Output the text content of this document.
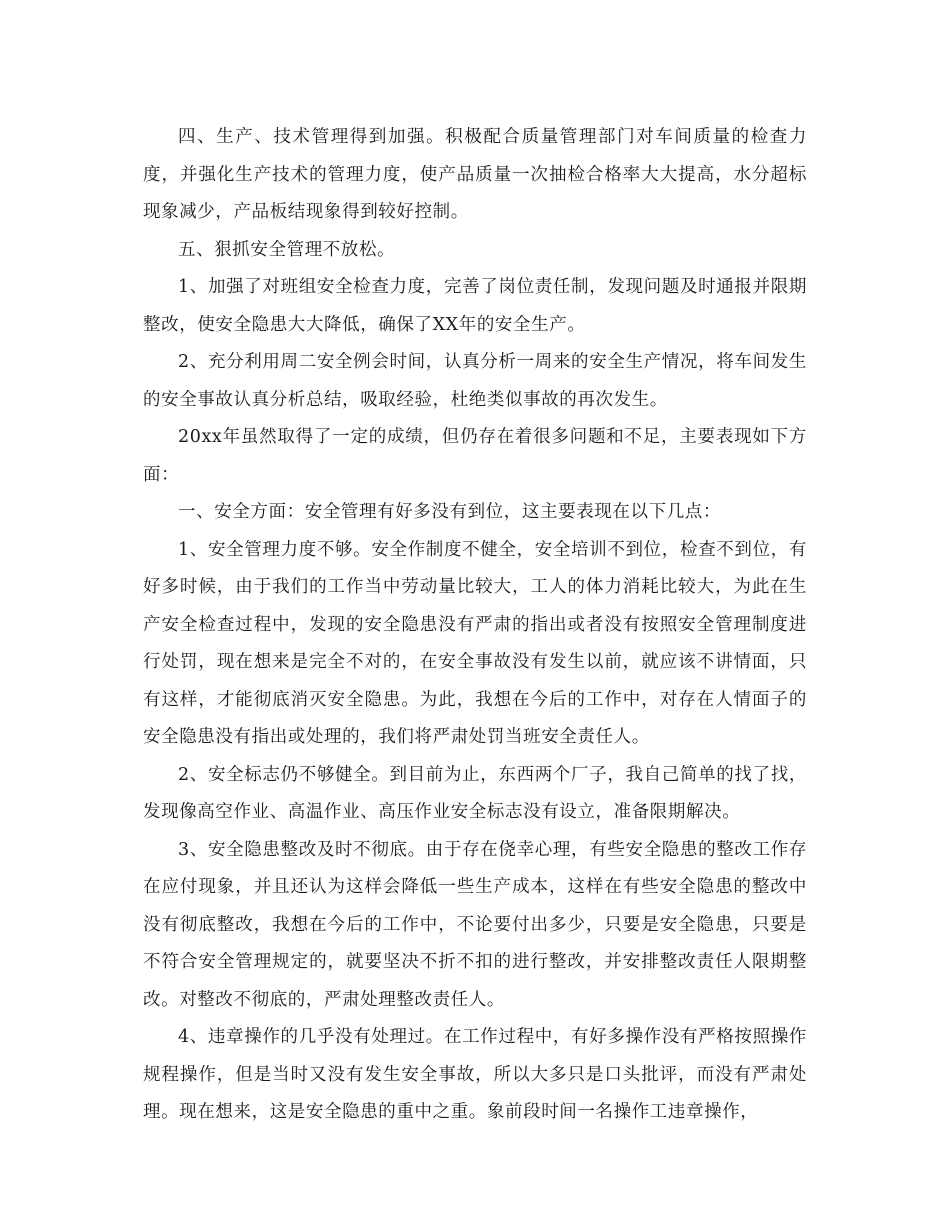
四、生产、技术管理得到加强。积极配合质量管理部门对车间质量的检查力度，并强化生产技术的管理力度，使产品质量一次抽检合格率大大提高，水分超标现象减少，产品板结现象得到较好控制。

五、狠抓安全管理不放松。

1、加强了对班组安全检查力度，完善了岗位责任制，发现问题及时通报并限期整改，使安全隐患大大降低，确保了XX年的安全生产。

2、充分利用周二安全例会时间，认真分析一周来的安全生产情况，将车间发生的安全事故认真分析总结，吸取经验，杜绝类似事故的再次发生。

20xx年虽然取得了一定的成绩，但仍存在着很多问题和不足，主要表现如下方面：

一、安全方面：安全管理有好多没有到位，这主要表现在以下几点：

1、安全管理力度不够。安全作制度不健全，安全培训不到位，检查不到位，有好多时候，由于我们的工作当中劳动量比较大，工人的体力消耗比较大，为此在生产安全检查过程中，发现的安全隐患没有严肃的指出或者没有按照安全管理制度进行处罚，现在想来是完全不对的，在安全事故没有发生以前，就应该不讲情面，只有这样，才能彻底消灭安全隐患。为此，我想在今后的工作中，对存在人情面子的安全隐患没有指出或处理的，我们将严肃处罚当班安全责任人。

2、安全标志仍不够健全。到目前为止，东西两个厂子，我自己简单的找了找，发现像高空作业、高温作业、高压作业安全标志没有设立，准备限期解决。

3、安全隐患整改及时不彻底。由于存在侥幸心理，有些安全隐患的整改工作存在应付现象，并且还认为这样会降低一些生产成本，这样在有些安全隐患的整改中没有彻底整改，我想在今后的工作中，不论要付出多少，只要是安全隐患，只要是不符合安全管理规定的，就要坚决不折不扣的进行整改，并安排整改责任人限期整改。对整改不彻底的，严肃处理整改责任人。

4、违章操作的几乎没有处理过。在工作过程中，有好多操作没有严格按照操作规程操作，但是当时又没有发生安全事故，所以大多只是口头批评，而没有严肃处理。现在想来，这是安全隐患的重中之重。象前段时间一名操作工违章操作，
